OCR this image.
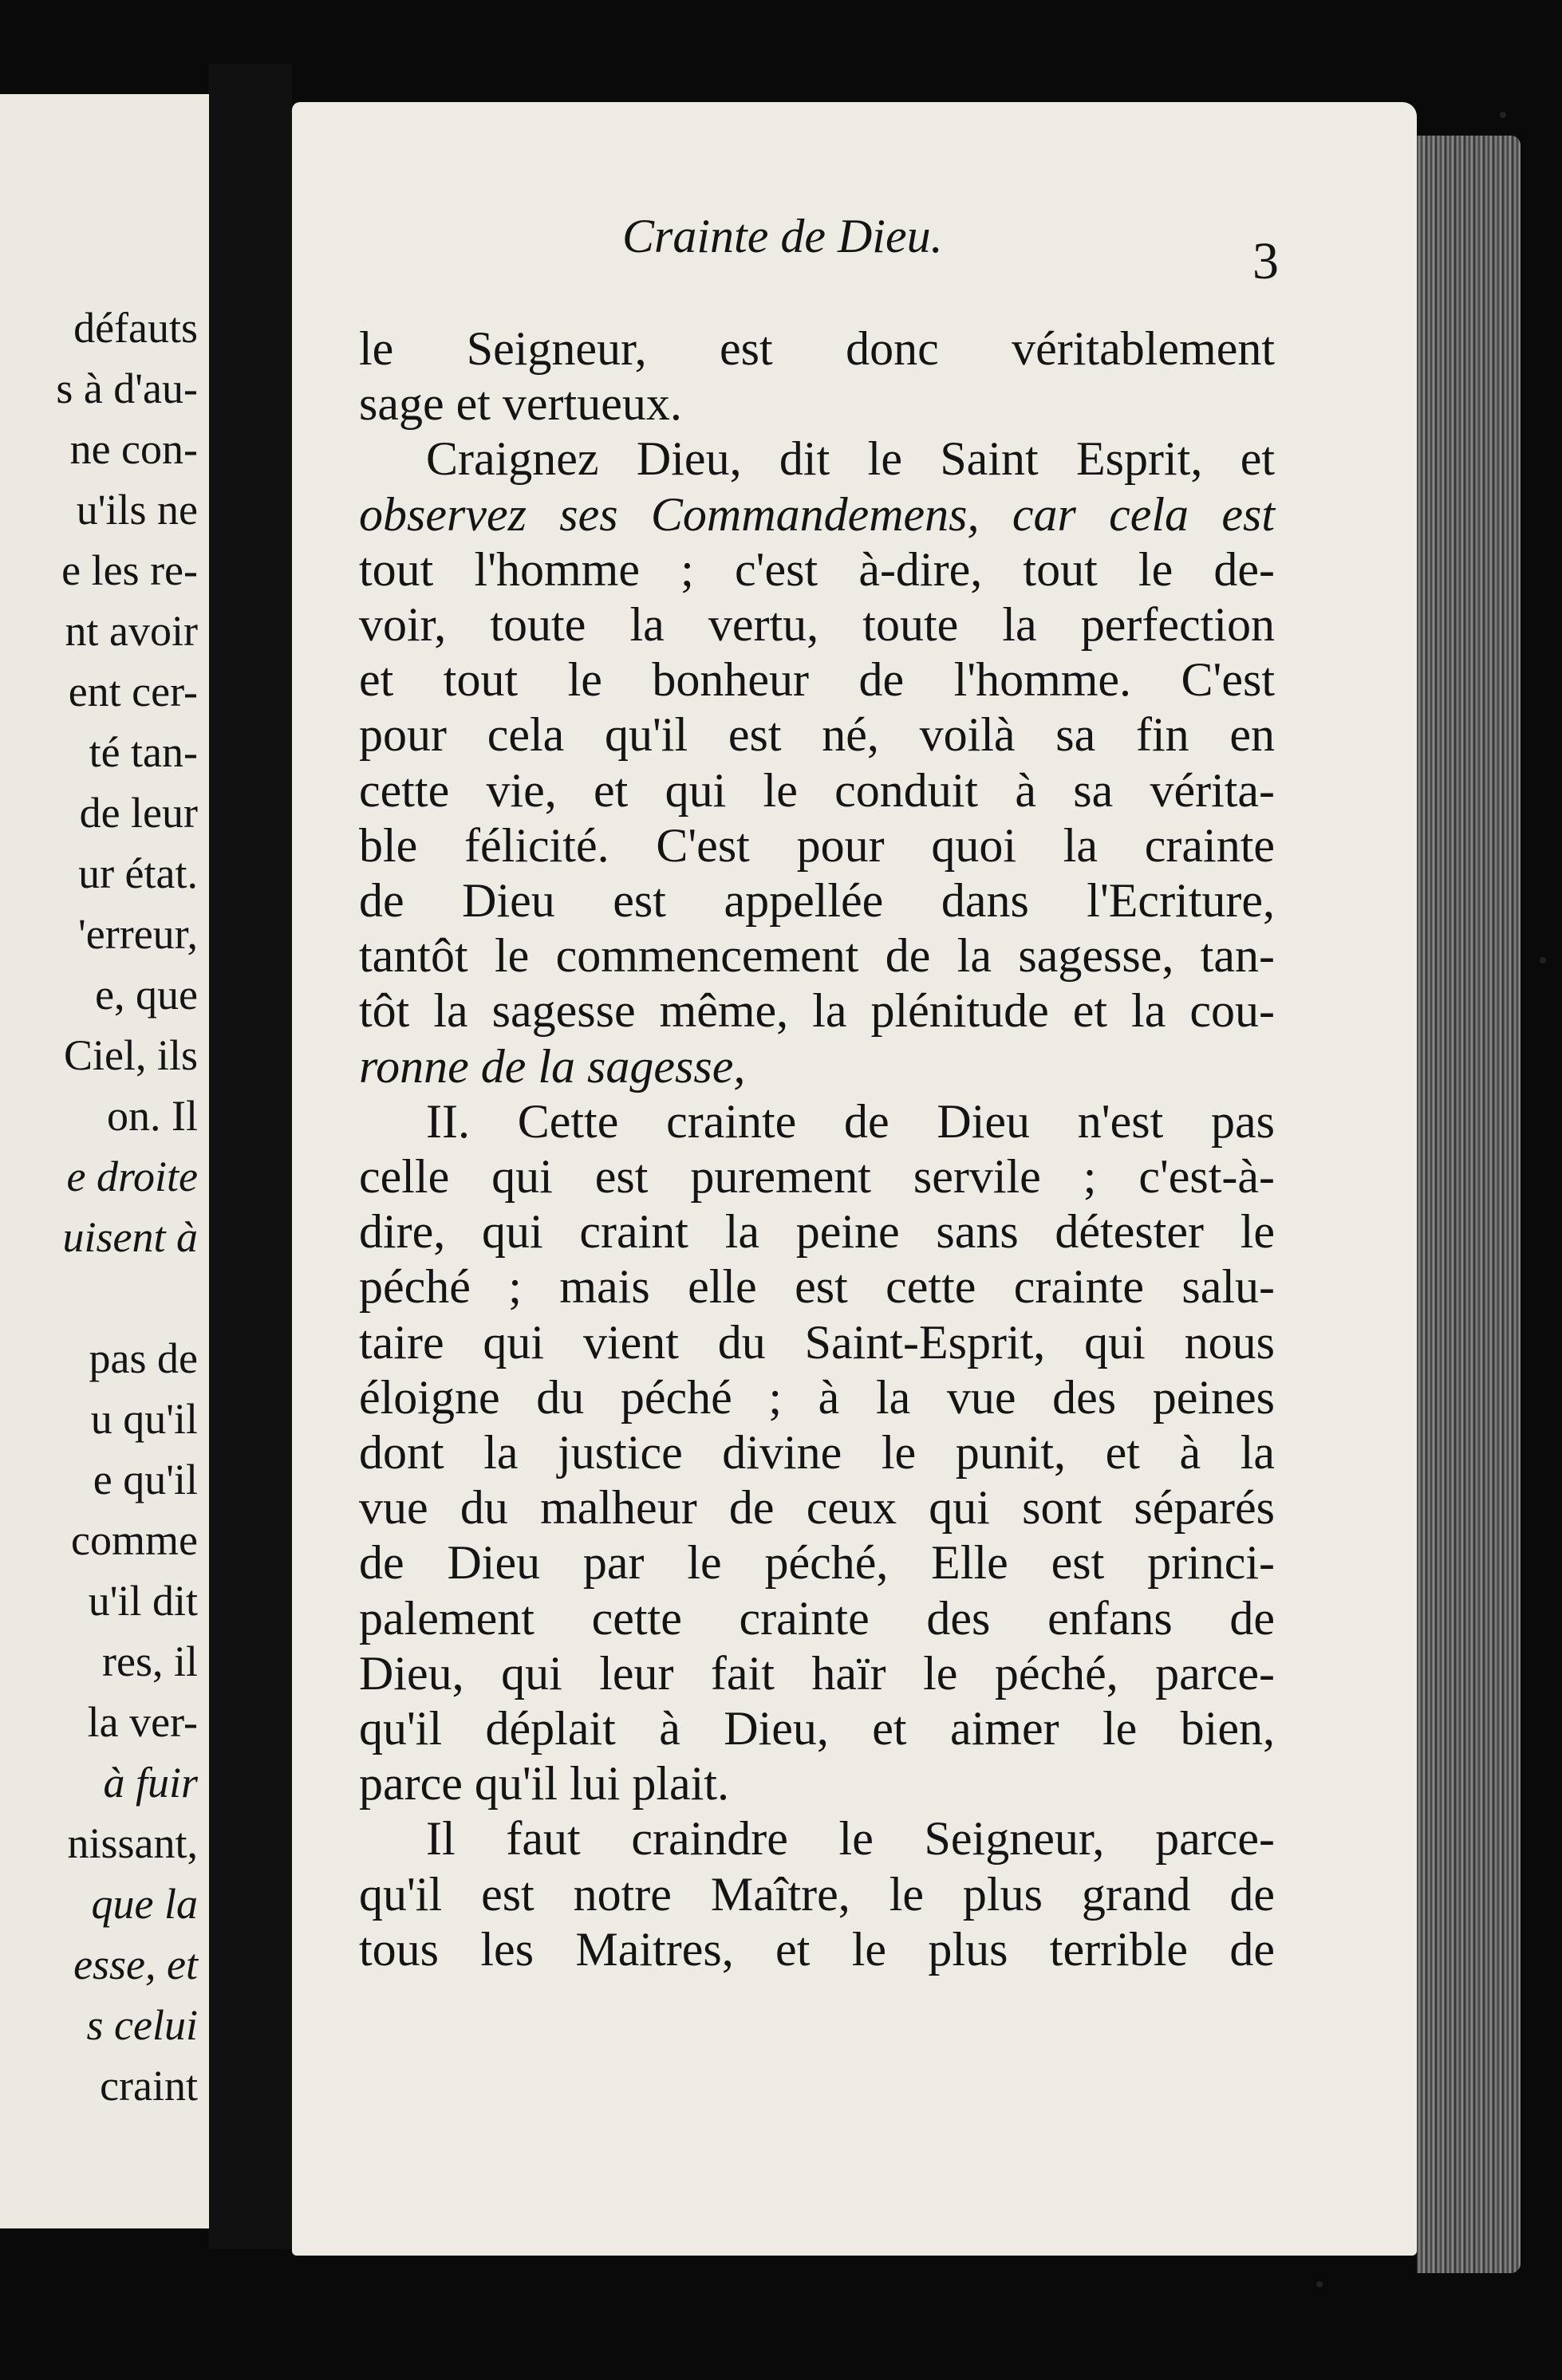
défauts
s à d'au-
ne con-
u'ils ne
e les re-
nt avoir
ent cer-
té tan-
de leur
ur état.
'erreur,
e, que
Ciel, ils
on. Il
e droite
uisent à
pas de
u qu'il
e qu'il
comme
u'il dit
res, il
la ver-
à fuir
nissant,
que la
esse, et
s celui
craint
Crainte de Dieu.	3
le Seigneur, est donc véritablement
sage et vertueux.
Craignez Dieu, dit le Saint Esprit, et
observez ses Commandemens, car cela est
tout l'homme ; c'est à-dire, tout le de-
voir, toute la vertu, toute la perfection
et tout le bonheur de l'homme. C'est
pour cela qu'il est né, voilà sa fin en
cette vie, et qui le conduit à sa vérita-
ble félicité. C'est pour quoi la crainte
de Dieu est appellée dans l'Ecriture,
tantôt le commencement de la sagesse, tan-
tôt la sagesse même, la plénitude et la cou-
ronne de la sagesse,
II. Cette crainte de Dieu n'est pas
celle qui est purement servile ; c'est-à-
dire, qui craint la peine sans détester le
péché ; mais elle est cette crainte salu-
taire qui vient du Saint-Esprit, qui nous
éloigne du péché ; à la vue des peines
dont la justice divine le punit, et à la
vue du malheur de ceux qui sont séparés
de Dieu par le péché, Elle est princi-
palement cette crainte des enfans de
Dieu, qui leur fait haïr le péché, parce-
qu'il déplait à Dieu, et aimer le bien,
parce qu'il lui plait.
Il faut craindre le Seigneur, parce-
qu'il est notre Maître, le plus grand de
tous les Maitres, et le plus terrible de
